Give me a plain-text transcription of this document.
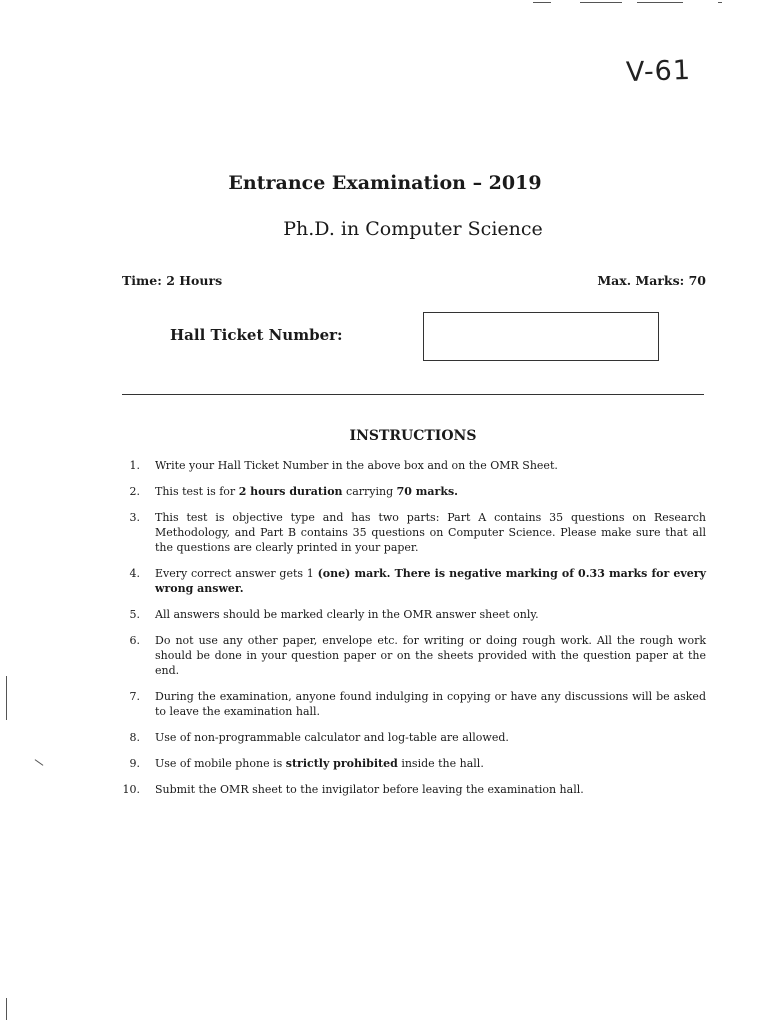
V-61
Entrance Examination – 2019
Ph.D. in Computer Science
Time: 2 Hours	Max. Marks: 70
Hall Ticket Number:
INSTRUCTIONS
1. Write your Hall Ticket Number in the above box and on the OMR Sheet.
2. This test is for 2 hours duration carrying 70 marks.
3. This test is objective type and has two parts: Part A contains 35 questions on Research Methodology, and Part B contains 35 questions on Computer Science. Please make sure that all the questions are clearly printed in your paper.
4. Every correct answer gets 1 (one) mark. There is negative marking of 0.33 marks for every wrong answer.
5. All answers should be marked clearly in the OMR answer sheet only.
6. Do not use any other paper, envelope etc. for writing or doing rough work. All the rough work should be done in your question paper or on the sheets provided with the question paper at the end.
7. During the examination, anyone found indulging in copying or have any discussions will be asked to leave the examination hall.
8. Use of non-programmable calculator and log-table are allowed.
9. Use of mobile phone is strictly prohibited inside the hall.
10. Submit the OMR sheet to the invigilator before leaving the examination hall.
